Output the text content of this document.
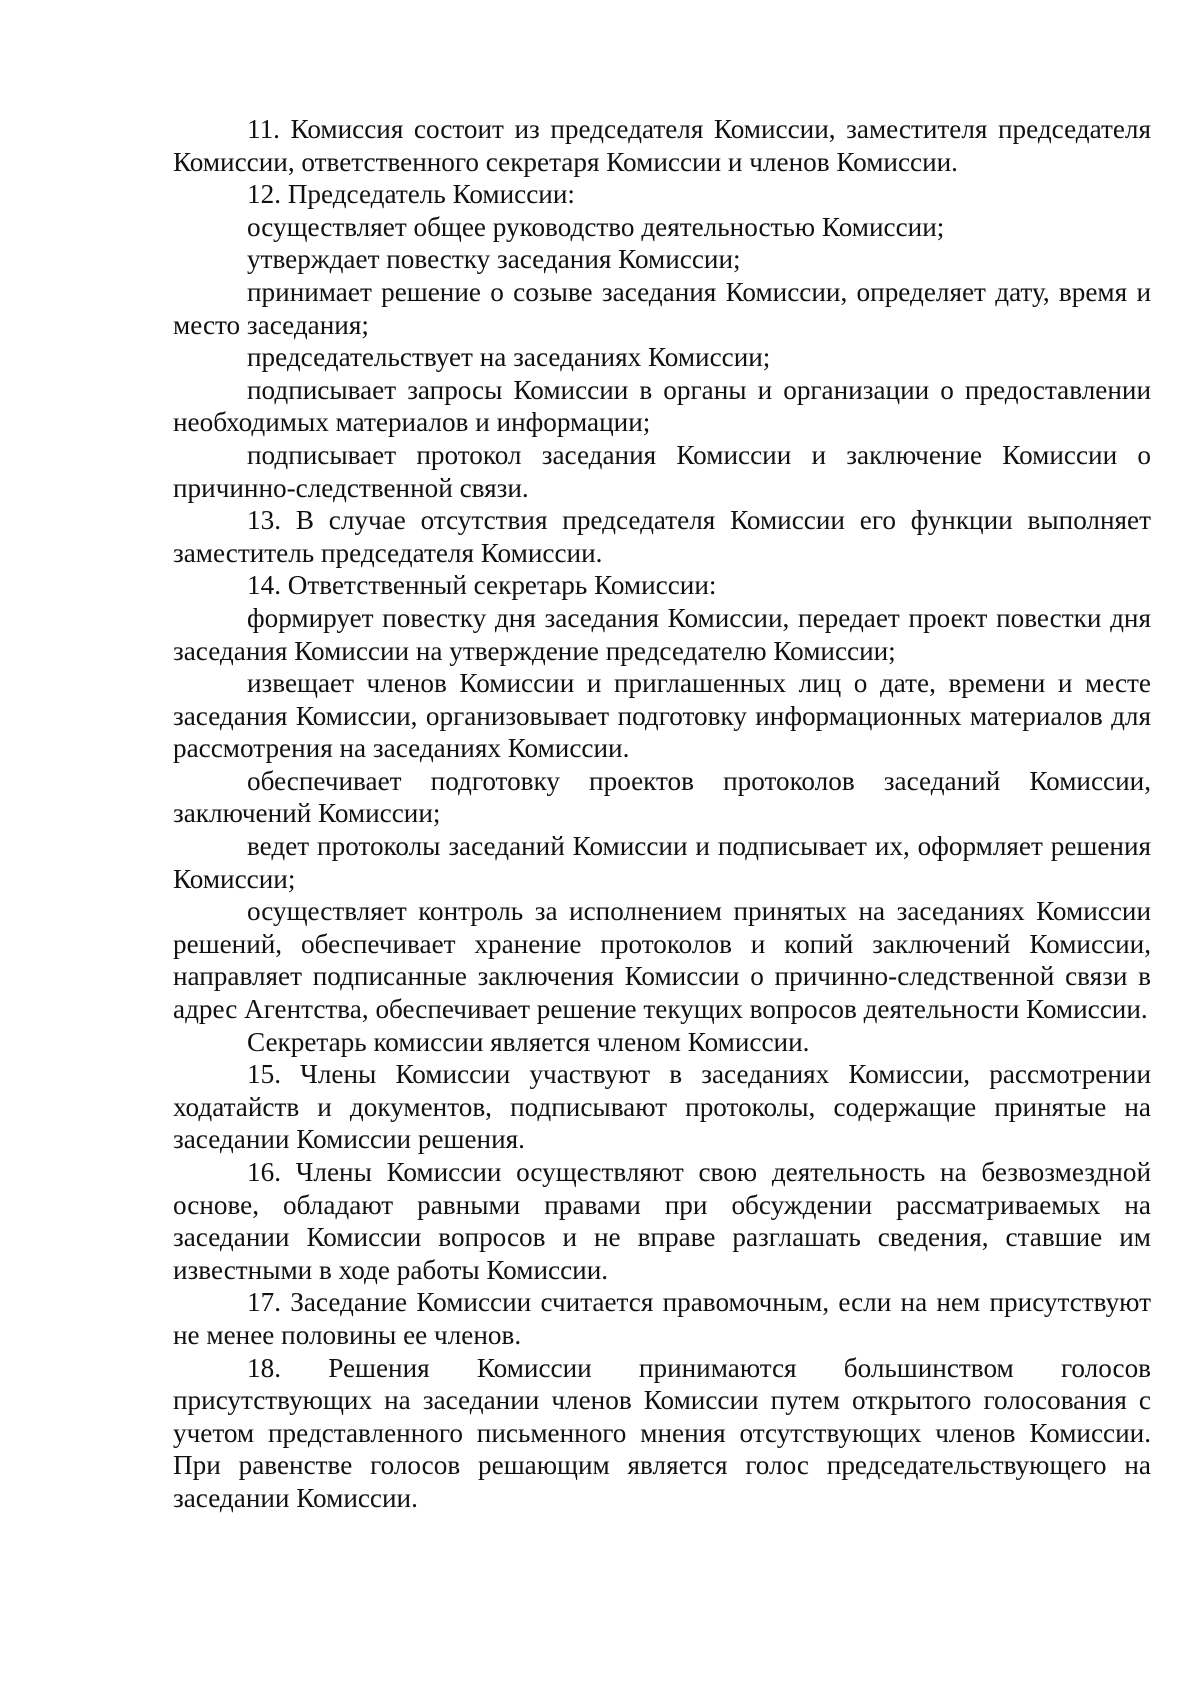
11. Комиссия состоит из председателя Комиссии, заместителя председателя Комиссии, ответственного секретаря Комиссии и членов Комиссии.

12. Председатель Комиссии:

осуществляет общее руководство деятельностью Комиссии;

утверждает повестку заседания Комиссии;

принимает решение о созыве заседания Комиссии, определяет дату, время и место заседания;

председательствует на заседаниях Комиссии;

подписывает запросы Комиссии в органы и организации о предоставлении необходимых материалов и информации;

подписывает протокол заседания Комиссии и заключение Комиссии о причинно-следственной связи.

13. В случае отсутствия председателя Комиссии его функции выполняет заместитель председателя Комиссии.

14. Ответственный секретарь Комиссии:

формирует повестку дня заседания Комиссии, передает проект повестки дня заседания Комиссии на утверждение председателю Комиссии;

извещает членов Комиссии и приглашенных лиц о дате, времени и месте заседания Комиссии, организовывает подготовку информационных материалов для рассмотрения на заседаниях Комиссии.

обеспечивает подготовку проектов протоколов заседаний Комиссии, заключений Комиссии;

ведет протоколы заседаний Комиссии и подписывает их, оформляет решения Комиссии;

осуществляет контроль за исполнением принятых на заседаниях Комиссии решений, обеспечивает хранение протоколов и копий заключений Комиссии, направляет подписанные заключения Комиссии о причинно-следственной связи в адрес Агентства, обеспечивает решение текущих вопросов деятельности Комиссии.

Секретарь комиссии является членом Комиссии.

15. Члены Комиссии участвуют в заседаниях Комиссии, рассмотрении ходатайств и документов, подписывают протоколы, содержащие принятые на заседании Комиссии решения.

16. Члены Комиссии осуществляют свою деятельность на безвозмездной основе, обладают равными правами при обсуждении рассматриваемых на заседании Комиссии вопросов и не вправе разглашать сведения, ставшие им известными в ходе работы Комиссии.

17. Заседание Комиссии считается правомочным, если на нем присутствуют не менее половины ее членов.

18. Решения Комиссии принимаются большинством голосов присутствующих на заседании членов Комиссии путем открытого голосования с учетом представленного письменного мнения отсутствующих членов Комиссии. При равенстве голосов решающим является голос председательствующего на заседании Комиссии.
